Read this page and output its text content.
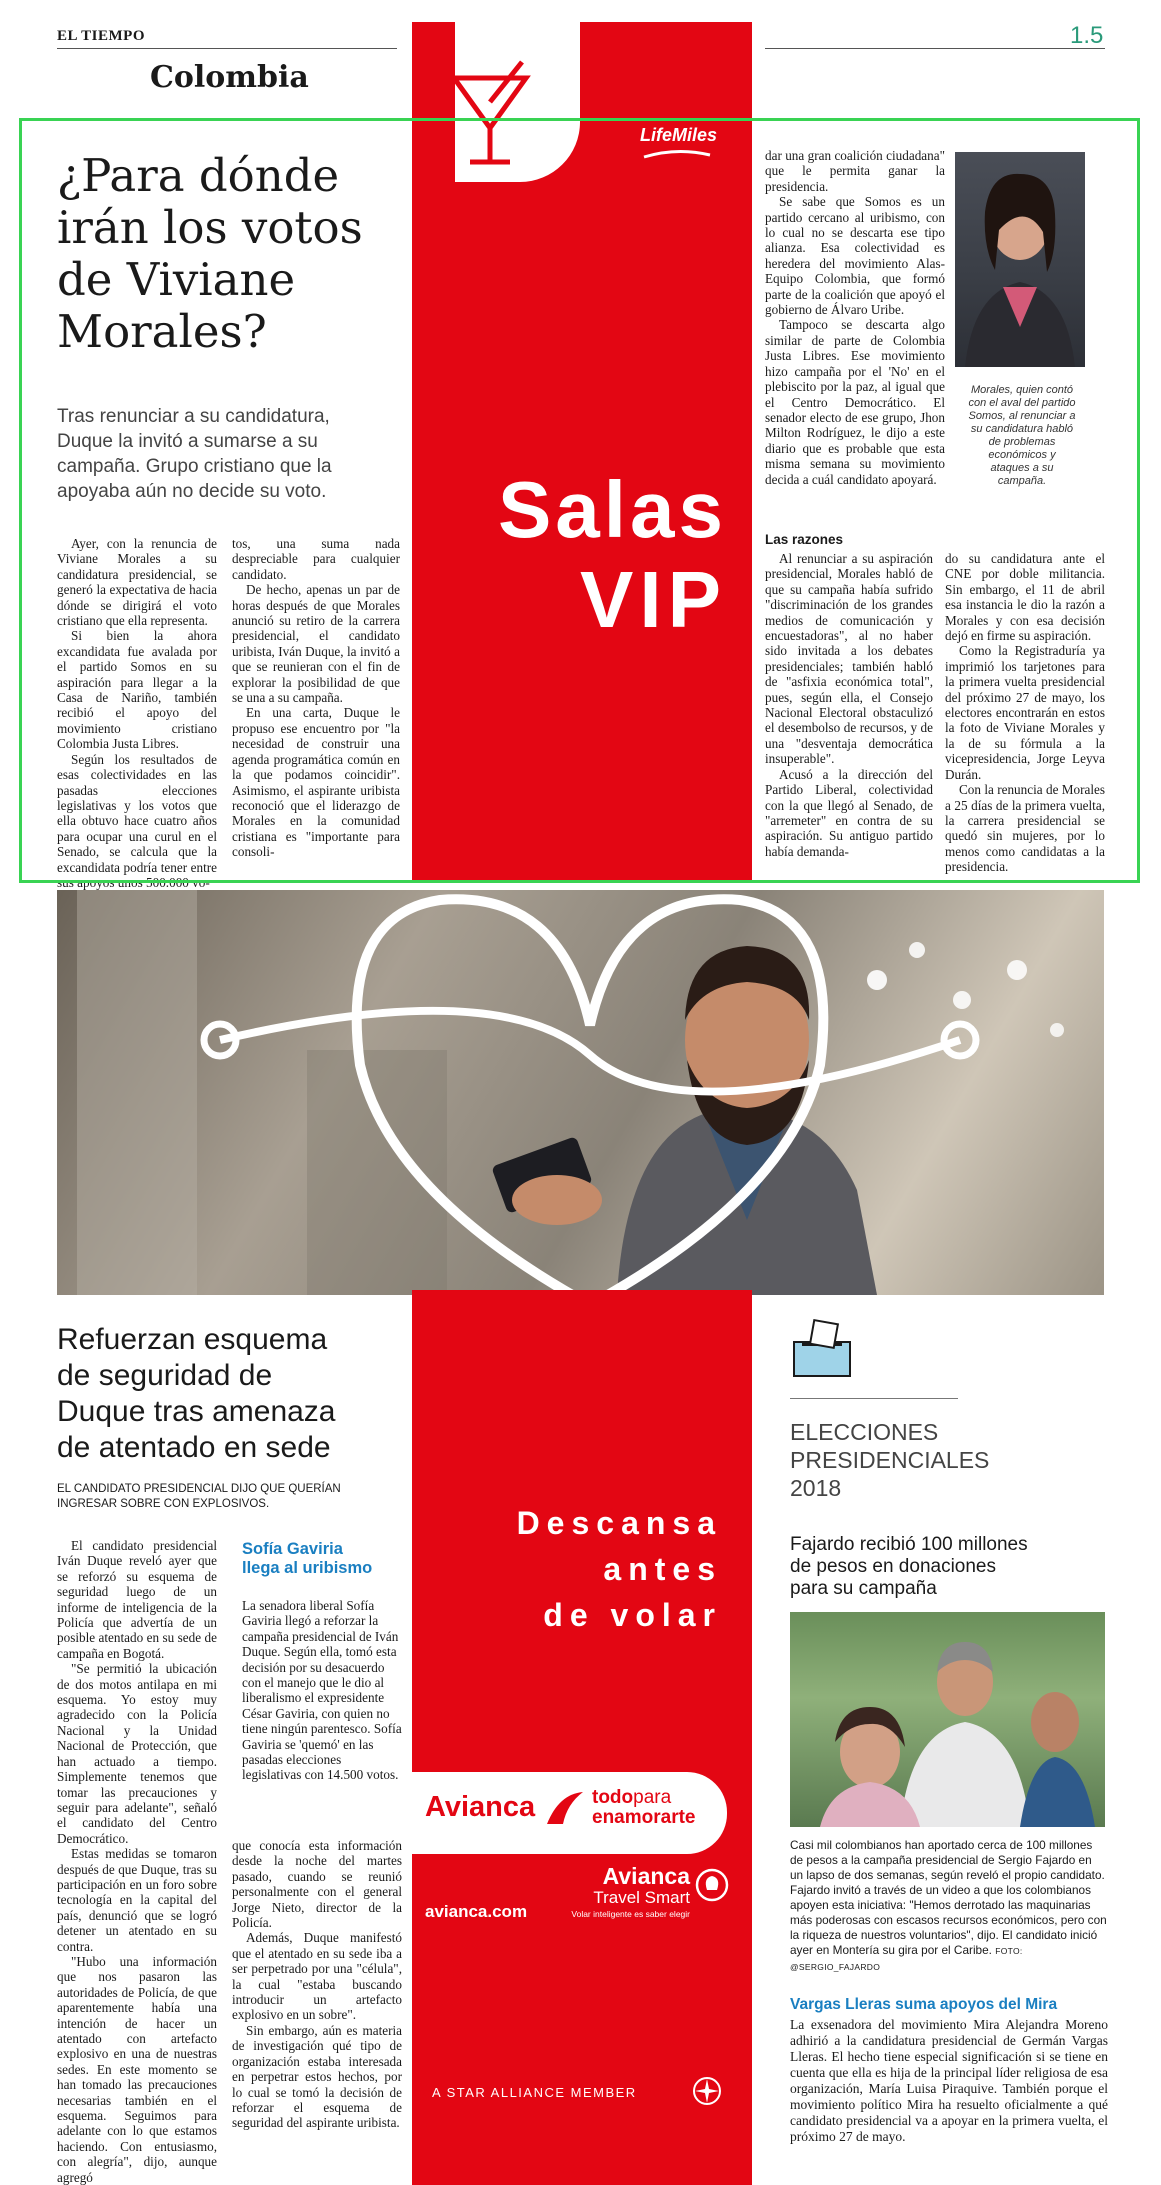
EL TIEMPO
Colombia
1.5
¿Para dónde
irán los votos
de Viviane
Morales?
Tras renunciar a su candidatura, Duque la invitó a sumarse a su campaña. Grupo cristiano que la apoyaba aún no decide su voto.

Ayer, con la renuncia de Viviane Morales a su candidatura presidencial, se generó la expectativa de hacia dónde se dirigirá el voto cristiano que ella representa.

Si bien la ahora excandidata fue avalada por el partido Somos en su aspiración para llegar a la Casa de Nariño, también recibió el apoyo del movimiento cristiano Colombia Justa Libres.

Según los resultados de esas colectividades en las pasadas elecciones legislativas y los votos que ella obtuvo hace cuatro años para ocupar una curul en el Senado, se calcula que la excandidata podría tener entre sus apoyos unos 500.000 vo-

tos, una suma nada despreciable para cualquier candidato.

De hecho, apenas un par de horas después de que Morales anunció su retiro de la carrera presidencial, el candidato uribista, Iván Duque, la invitó a que se reunieran con el fin de explorar la posibilidad de que se una a su campaña.

En una carta, Duque le propuso ese encuentro por "la necesidad de construir una agenda programática común en la que podamos coincidir". Asimismo, el aspirante uribista reconoció que el liderazgo de Morales en la comunidad cristiana es "importante para consoli-

dar una gran coalición ciudadana" que le permita ganar la presidencia.

Se sabe que Somos es un partido cercano al uribismo, con lo cual no se descarta ese tipo alianza. Esa colectividad es heredera del movimiento Alas-Equipo Colombia, que formó parte de la coalición que apoyó el gobierno de Álvaro Uribe.

Tampoco se descarta algo similar de parte de Colombia Justa Libres. Ese movimiento hizo campaña por el 'No' en el plebiscito por la paz, al igual que el Centro Democrático. El senador electo de ese grupo, Jhon Milton Rodríguez, le dijo a este diario que es probable que esta misma semana su movimiento decida a cuál candidato apoyará.

Morales, quien contó con el aval del partido Somos, al renunciar a su candidatura habló de problemas económicos y ataques a su campaña.
Las razones

Al renunciar a su aspiración presidencial, Morales habló de que su campaña había sufrido "discriminación de los grandes medios de comunicación y encuestadoras", al no haber sido invitada a los debates presidenciales; también habló de "asfixia económica total", pues, según ella, el Consejo Nacional Electoral obstaculizó el desembolso de recursos, y de una "desventaja democrática insuperable".

Acusó a la dirección del Partido Liberal, colectividad con la que llegó al Senado, de "arremeter" en contra de su aspiración. Su antiguo partido había demanda-

do su candidatura ante el CNE por doble militancia. Sin embargo, el 11 de abril esa instancia le dio la razón a Morales y con esa decisión dejó en firme su aspiración.

Como la Registraduría ya imprimió los tarjetones para la primera vuelta presidencial del próximo 27 de mayo, los electores encontrarán en estos la foto de Viviane Morales y la de su fórmula a la vicepresidencia, Jorge Leyva Durán.

Con la renuncia de Morales a 25 días de la primera vuelta, la carrera presidencial se quedó sin mujeres, por lo menos como candidatas a la presidencia.

LifeMiles
Salas
VIP
Refuerzan esquema
de seguridad de
Duque tras amenaza
de atentado en sede
EL CANDIDATO PRESIDENCIAL DIJO QUE QUERÍAN INGRESAR SOBRE CON EXPLOSIVOS.

El candidato presidencial Iván Duque reveló ayer que se reforzó su esquema de seguridad luego de un informe de inteligencia de la Policía que advertía de un posible atentado en su sede de campaña en Bogotá.

"Se permitió la ubicación de dos motos antilapa en mi esquema. Yo estoy muy agradecido con la Policía Nacional y la Unidad Nacional de Protección, que han actuado a tiempo. Simplemente tenemos que tomar las precauciones y seguir para adelante", señaló el candidato del Centro Democrático.

Estas medidas se tomaron después de que Duque, tras su participación en un foro sobre tecnología en la capital del país, denunció que se logró detener un atentado en su contra.

"Hubo una información que nos pasaron las autoridades de Policía, de que aparentemente había una intención de hacer un atentado con artefacto explosivo en una de nuestras sedes. En este momento se han tomado las precauciones necesarias también en el esquema. Seguimos para adelante con lo que estamos haciendo. Con entusiasmo, con alegría", dijo, aunque agregó

Sofía Gaviria
llega al uribismo

La senadora liberal Sofía Gaviria llegó a reforzar la campaña presidencial de Iván Duque. Según ella, tomó esta decisión por su desacuerdo con el manejo que le dio al liberalismo el expresidente César Gaviria, con quien no tiene ningún parentesco. Sofía Gaviria se 'quemó' en las pasadas elecciones legislativas con 14.500 votos.

que conocía esta información desde la noche del martes pasado, cuando se reunió personalmente con el general Jorge Nieto, director de la Policía.

Además, Duque manifestó que el atentado en su sede iba a ser perpetrado por una "célula", la cual "estaba buscando introducir un artefacto explosivo en un sobre".

Sin embargo, aún es materia de investigación qué tipo de organización estaba interesada en perpetrar estos hechos, por lo cual se tomó la decisión de reforzar el esquema de seguridad del aspirante uribista.

Descansa
antes
de volar
Avianca	todopara
enamorarte
avianca.com
Avianca
Travel Smart
Volar inteligente es saber elegir
A STAR ALLIANCE MEMBER
ELECCIONES
PRESIDENCIALES
2018
Fajardo recibió 100 millones
de pesos en donaciones
para su campaña
Casi mil colombianos han aportado cerca de 100 millones de pesos a la campaña presidencial de Sergio Fajardo en un lapso de dos semanas, según reveló el propio candidato. Fajardo invitó a través de un video a que los colombianos apoyen esta iniciativa: "Hemos derrotado las maquinarias más poderosas con escasos recursos económicos, pero con la riqueza de nuestros voluntarios", dijo. El candidato inició ayer en Montería su gira por el Caribe. FOTO: @SERGIO_FAJARDO
Vargas Lleras suma apoyos del Mira

La exsenadora del movimiento Mira Alejandra Moreno adhirió a la candidatura presidencial de Germán Vargas Lleras. El hecho tiene especial significación si se tiene en cuenta que ella es hija de la principal líder religiosa de esa organización, María Luisa Piraquive. También porque el movimiento político Mira ha resuelto oficialmente a qué candidato presidencial va a apoyar en la primera vuelta, el próximo 27 de mayo.
